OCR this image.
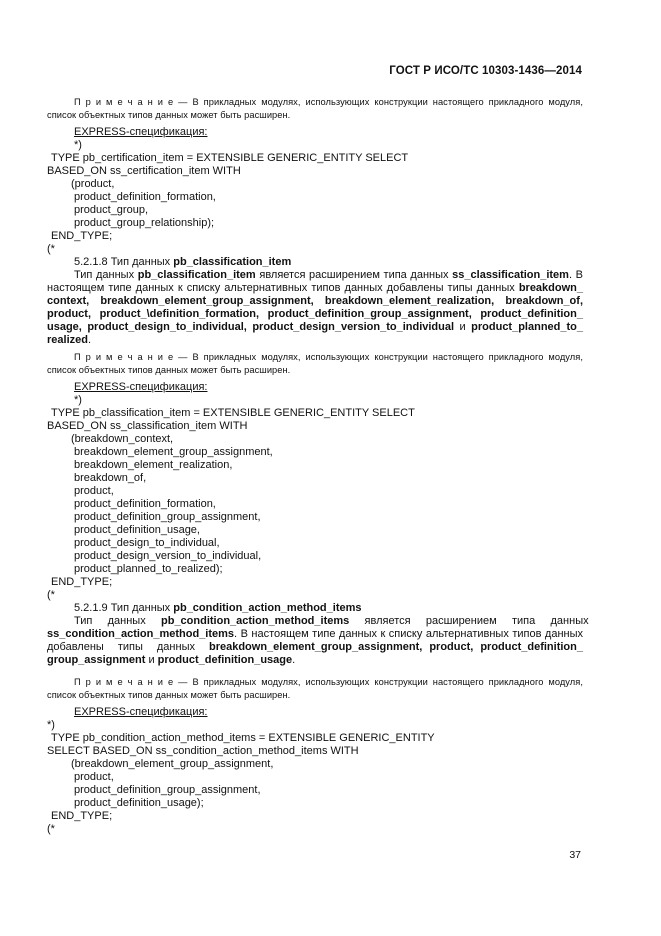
ГОСТ Р ИСО/ТС 10303-1436—2014
П р и м е ч а н и е — В прикладных модулях, использующих конструкции настоящего прикладного модуля,
список объектных типов данных может быть расширен.
EXPRESS-спецификация:
*)
TYPE pb_certification_item = EXTENSIBLE GENERIC_ENTITY SELECT
BASED_ON ss_certification_item WITH
(product,
product_definition_formation,
product_group,
product_group_relationship);
END_TYPE;
(*
5.2.1.8 Тип данных pb_classification_item
Тип данных pb_classification_item является расширением типа данных ss_classification_item. В
настоящем типе данных к списку альтернативных типов данных добавлены типы данных breakdown_
context, breakdown_element_group_assignment, breakdown_element_realization, breakdown_of,
product, product_\definition_formation, product_definition_group_assignment, product_definition_
usage, product_design_to_individual, product_design_version_to_individual и product_planned_to_
realized.
П р и м е ч а н и е — В прикладных модулях, использующих конструкции настоящего прикладного модуля,
список объектных типов данных может быть расширен.
EXPRESS-спецификация:
*)
TYPE pb_classification_item = EXTENSIBLE GENERIC_ENTITY SELECT
BASED_ON ss_classification_item WITH
(breakdown_context,
breakdown_element_group_assignment,
breakdown_element_realization,
breakdown_of,
product,
product_definition_formation,
product_definition_group_assignment,
product_definition_usage,
product_design_to_individual,
product_design_version_to_individual,
product_planned_to_realized);
END_TYPE;
(*
5.2.1.9 Тип данных pb_condition_action_method_items
Тип     данных     pb_condition_action_method_items     является     расширением     типа     данных
ss_condition_action_method_items. В настоящем типе данных к списку альтернативных типов данных
добавлены  типы  данных  breakdown_element_group_assignment, product, product_definition_
group_assignment и product_definition_usage.
П р и м е ч а н и е — В прикладных модулях, использующих конструкции настоящего прикладного модуля,
список объектных типов данных может быть расширен.
EXPRESS-спецификация:
*)
TYPE pb_condition_action_method_items = EXTENSIBLE GENERIC_ENTITY
SELECT BASED_ON ss_condition_action_method_items WITH
(breakdown_element_group_assignment,
product,
product_definition_group_assignment,
product_definition_usage);
END_TYPE;
(*
37
